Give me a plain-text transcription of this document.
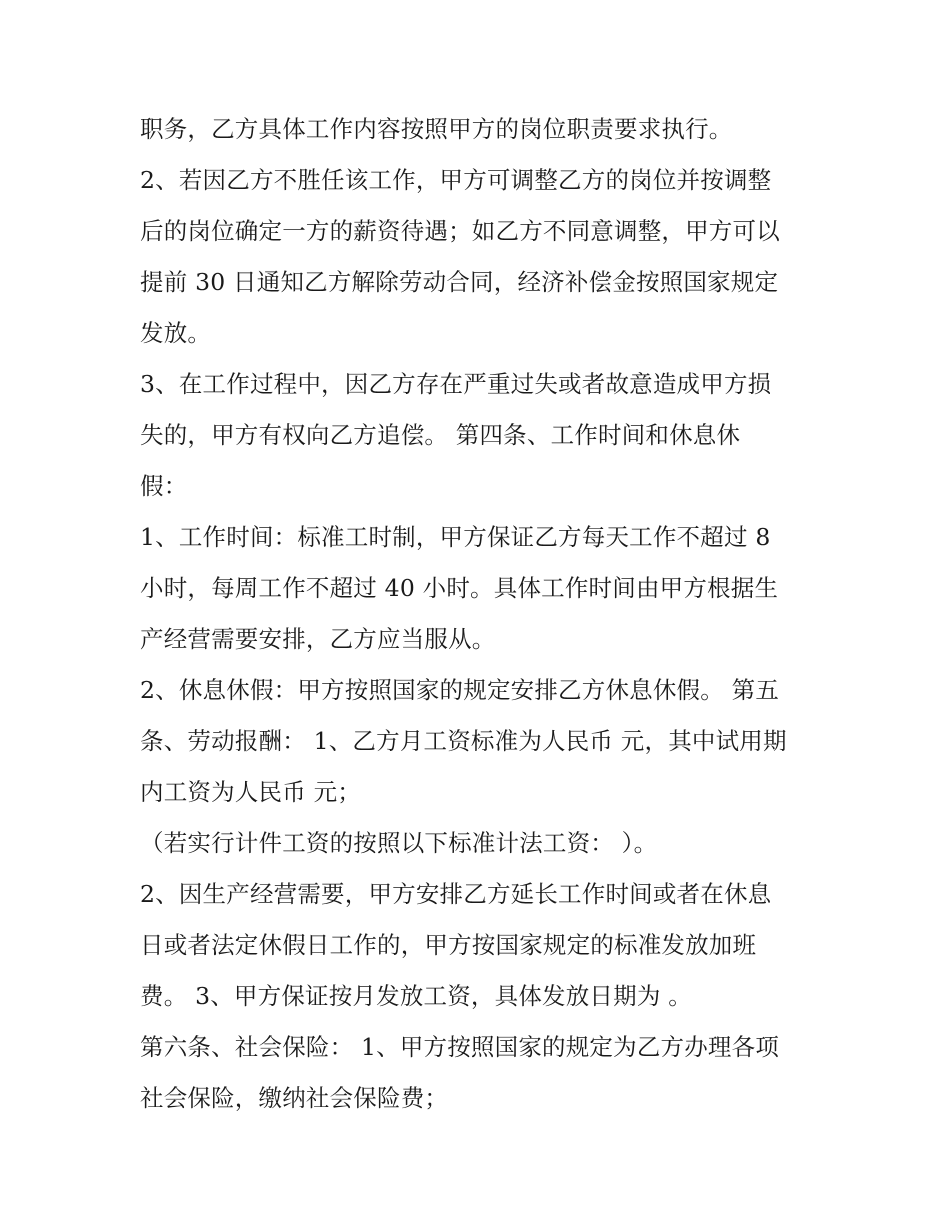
职务，乙方具体工作内容按照甲方的岗位职责要求执行。
2、若因乙方不胜任该工作，甲方可调整乙方的岗位并按调整
后的岗位确定一方的薪资待遇；如乙方不同意调整，甲方可以
提前 30 日通知乙方解除劳动合同，经济补偿金按照国家规定
发放。
3、在工作过程中，因乙方存在严重过失或者故意造成甲方损
失的，甲方有权向乙方追偿。 第四条、工作时间和休息休
假：
1、工作时间：标准工时制，甲方保证乙方每天工作不超过 8
小时，每周工作不超过 40 小时。具体工作时间由甲方根据生
产经营需要安排，乙方应当服从。
2、休息休假：甲方按照国家的规定安排乙方休息休假。 第五
条、劳动报酬： 1、乙方月工资标准为人民币 元，其中试用期
内工资为人民币 元；
（若实行计件工资的按照以下标准计法工资： ）。
2、因生产经营需要，甲方安排乙方延长工作时间或者在休息
日或者法定休假日工作的，甲方按国家规定的标准发放加班
费。 3、甲方保证按月发放工资，具体发放日期为 。
第六条、社会保险： 1、甲方按照国家的规定为乙方办理各项
社会保险，缴纳社会保险费；
